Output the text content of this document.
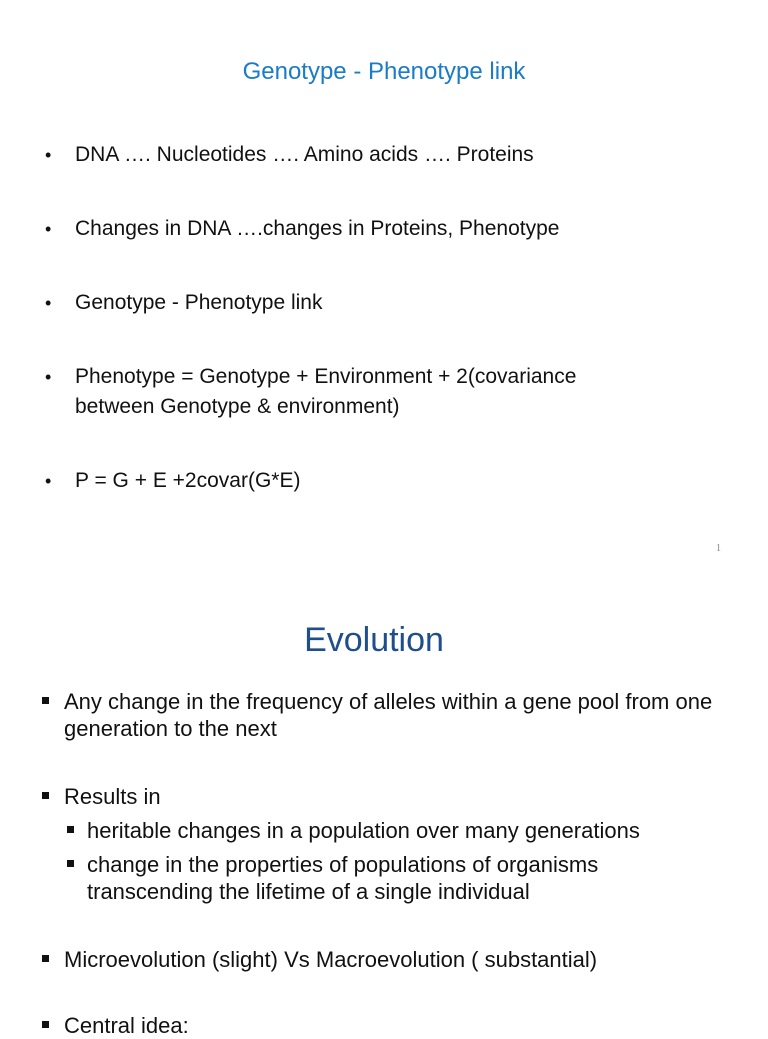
Genotype - Phenotype link
• DNA …. Nucleotides …. Amino acids …. Proteins
• Changes in DNA ….changes in Proteins, Phenotype
• Genotype - Phenotype link
• Phenotype = Genotype + Environment + 2(covariance between Genotype & environment)
• P = G + E +2covar(G*E)
1
Evolution
Any change in the frequency of alleles within a gene pool from one generation to the next
Results in
heritable changes in a population over many generations
change in the properties of populations of organisms transcending the lifetime of a single individual
Microevolution (slight) Vs Macroevolution ( substantial)
Central idea:
